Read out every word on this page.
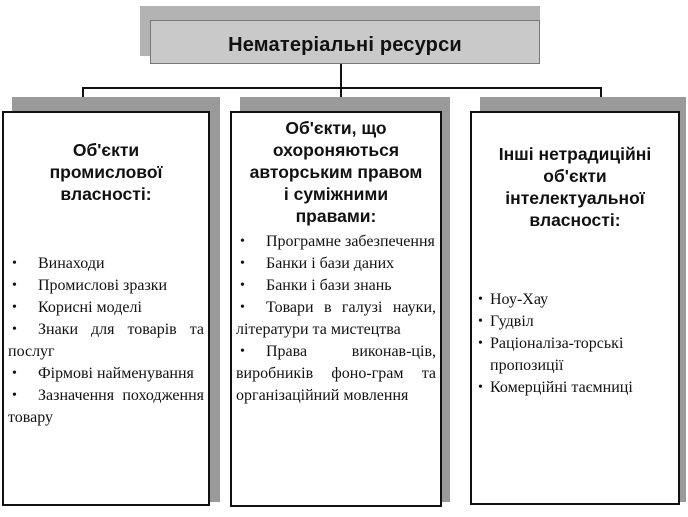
Нематеріальні ресурси
Об'єкти
промислової
власності:
• Винаходи
• Промислові зразки
• Корисні моделі
• Знаки для товарів та послуг
• Фірмові найменування
• Зазначення походження товару
Об'єкти, що
охороняються
авторським правом
і суміжними
правами:
• Програмне забезпечення
• Банки і бази даних
• Банки і бази знань
• Товари в галузі науки, літератури та мистецтва
• Права виконав-ців, виробників фоно-грам та організаційний мовлення
Інші нетрадиційні
об'єкти
інтелектуальної
власності:
• Ноу-Хау
• Гудвіл
• Раціоналіза-торські пропозиції
• Комерційні таємниці
